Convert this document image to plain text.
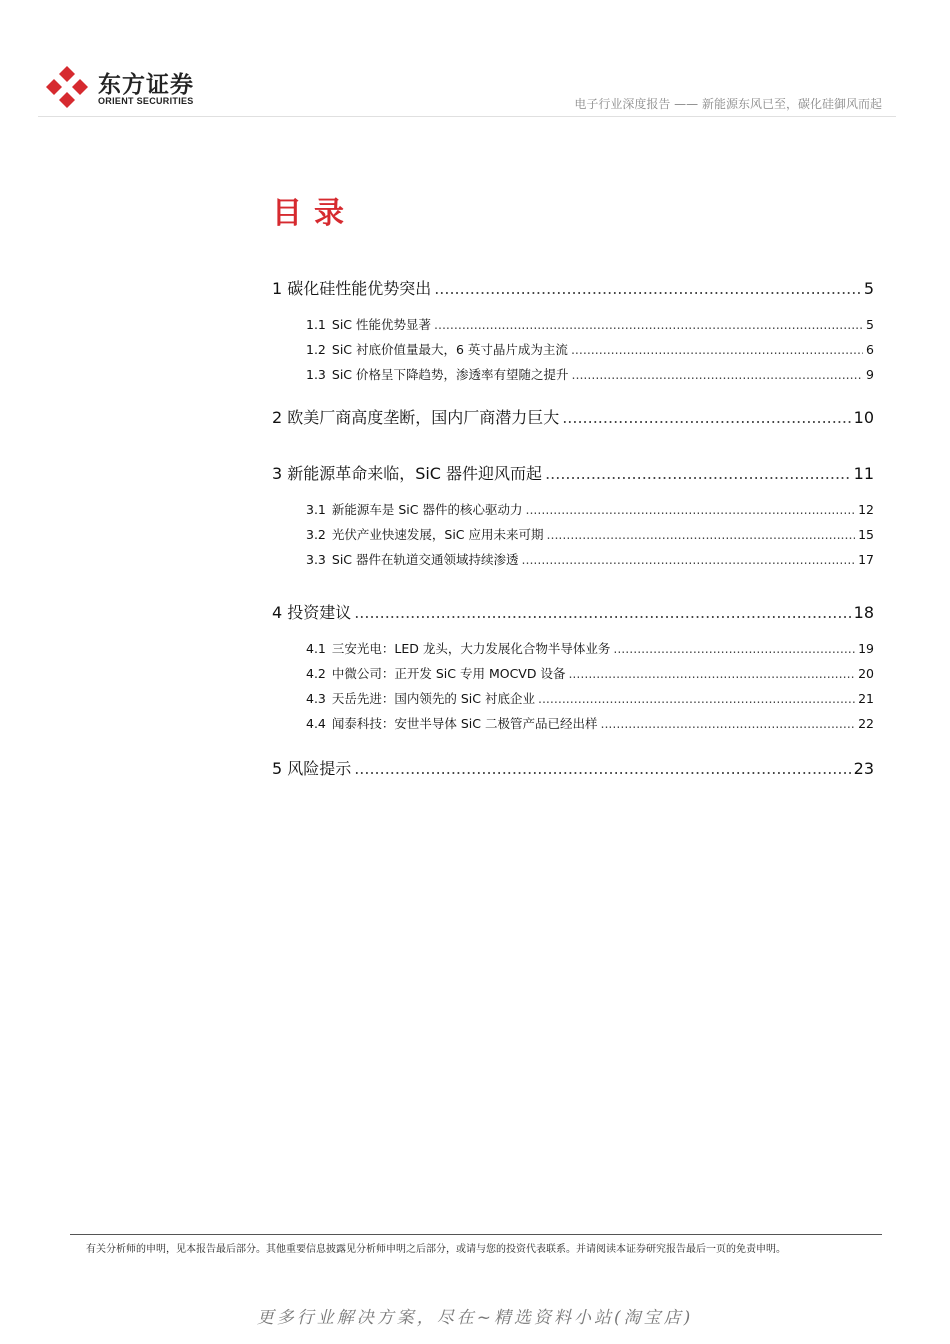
东方证券
ORIENT SECURITIES	电子行业深度报告 —— 新能源东风已至，碳化硅御风而起
目录
1 碳化硅性能优势突出 .....	5
1.1 SiC 性能优势显著 .....	5
1.2 SiC 衬底价值量最大，6 英寸晶片成为主流 .....	6
1.3 SiC 价格呈下降趋势，渗透率有望随之提升 .....	9
2 欧美厂商高度垄断，国内厂商潜力巨大 .....	10
3 新能源革命来临，SiC 器件迎风而起 .....	11
3.1 新能源车是 SiC 器件的核心驱动力 .....	12
3.2 光伏产业快速发展，SiC 应用未来可期 .....	15
3.3 SiC 器件在轨道交通领域持续渗透 .....	17
4 投资建议 .....	18
4.1 三安光电：LED 龙头，大力发展化合物半导体业务 .....	19
4.2 中微公司：正开发 SiC 专用 MOCVD 设备 .....	20
4.3 天岳先进：国内领先的 SiC 衬底企业 .....	21
4.4 闻泰科技：安世半导体 SiC 二极管产品已经出样 .....	22
5 风险提示 .....	23
有关分析师的申明，见本报告最后部分。其他重要信息披露见分析师申明之后部分，或请与您的投资代表联系。并请阅读本证券研究报告最后一页的免责申明。
更多行业解决方案，尽在~精选资料小站(淘宝店)
